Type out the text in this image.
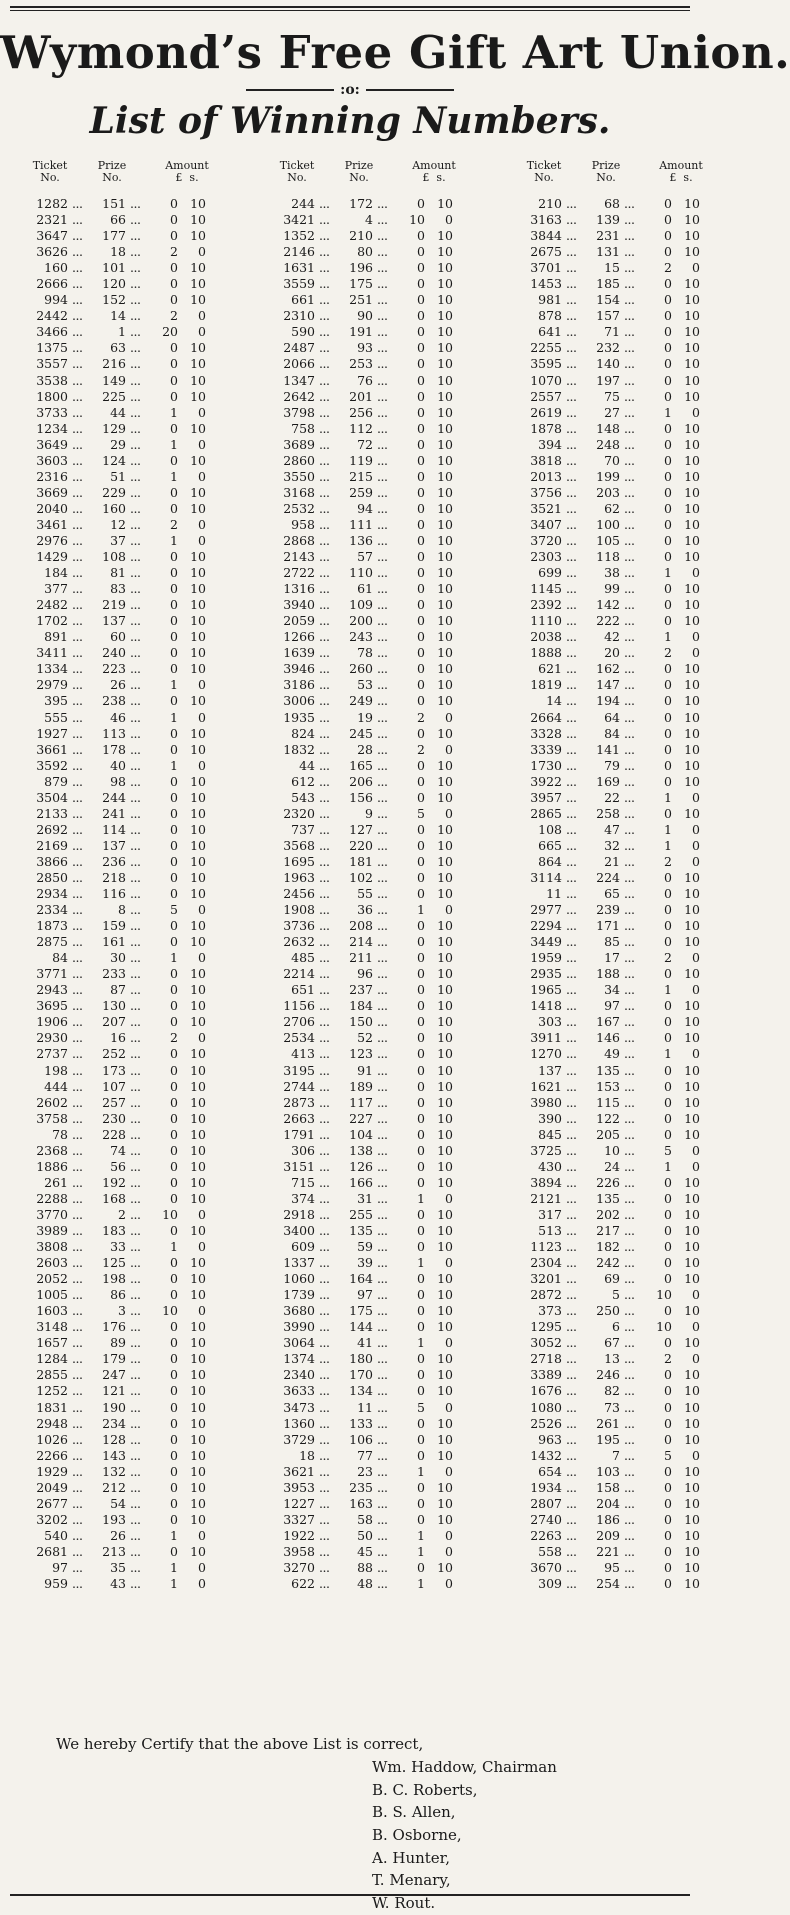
Wymond’s Free Gift Art Union.
:o:
List of Winning Numbers.
Ticket No.
Prize No.
Amount
£ s.
1282 ...	151 ...	0 10
2321 ...	66 ...	0 10
3647 ...	177 ...	0 10
3626 ...	18 ...	2	0
160 ...	101 ...	0 10
2666 ...	120 ...	0 10
994 ...	152 ...	0 10
2442 ...	14 ...	2	0
3466 ...	1 ...	20	0
1375 ...	63 ...	0 10
3557 ...	216 ...	0 10
3538 ...	149 ...	0 10
1800 ...	225 ...	0 10
3733 ...	44 ...	1	0
1234 ...	129 ...	0 10
3649 ...	29 ...	1	0
3603 ...	124 ...	0 10
2316 ...	51 ...	1	0
3669 ...	229 ...	0 10
2040 ...	160 ...	0 10
3461 ...	12 ...	2	0
2976 ...	37 ...	1	0
1429 ...	108 ...	0 10
184 ...	81 ...	0 10
377 ...	83 ...	0 10
2482 ...	219 ...	0 10
1702 ...	137 ...	0 10
891 ...	60 ...	0 10
3411 ...	240 ...	0 10
1334 ...	223 ...	0 10
2979 ...	26 ...	1	0
395 ...	238 ...	0 10
555 ...	46 ...	1	0
1927 ...	113 ...	0 10
3661 ...	178 ...	0 10
3592 ...	40 ...	1	0
879 ...	98 ...	0 10
3504 ...	244 ...	0 10
2133 ...	241 ...	0 10
2692 ...	114 ...	0 10
2169 ...	137 ...	0 10
3866 ...	236 ...	0 10
2850 ...	218 ...	0 10
2934 ...	116 ...	0 10
2334 ...	8 ...	5	0
1873 ...	159 ...	0 10
2875 ...	161 ...	0 10
84 ...	30 ...	1	0
3771 ...	233 ...	0 10
2943 ...	87 ...	0 10
3695 ...	130 ...	0 10
1906 ...	207 ...	0 10
2930 ...	16 ...	2	0
2737 ...	252 ...	0 10
198 ...	173 ...	0 10
444 ...	107 ...	0 10
2602 ...	257 ...	0 10
3758 ...	230 ...	0 10
78 ...	228 ...	0 10
2368 ...	74 ...	0 10
1886 ...	56 ...	0 10
261 ...	192 ...	0 10
2288 ...	168 ...	0 10
3770 ...	2 ...	10	0
3989 ...	183 ...	0 10
3808 ...	33 ...	1	0
2603 ...	125 ...	0 10
2052 ...	198 ...	0 10
1005 ...	86 ...	0 10
1603 ...	3 ...	10	0
3148 ...	176 ...	0 10
1657 ...	89 ...	0 10
1284 ...	179 ...	0 10
2855 ...	247 ...	0 10
1252 ...	121 ...	0 10
1831 ...	190 ...	0 10
2948 ...	234 ...	0 10
1026 ...	128 ...	0 10
2266 ...	143 ...	0 10
1929 ...	132 ...	0 10
2049 ...	212 ...	0 10
2677 ...	54 ...	0 10
3202 ...	193 ...	0 10
540 ...	26 ...	1	0
2681 ...	213 ...	0 10
97 ...	35 ...	1	0
959 ...	43 ...	1	0
Ticket No.
Prize No.
Amount
£ s.
244 ...	172 ...	0 10
3421 ...	4 ...	10	0
1352 ...	210 ...	0 10
2146 ...	80 ...	0 10
1631 ...	196 ...	0 10
3559 ...	175 ...	0 10
661 ...	251 ...	0 10
2310 ...	90 ...	0 10
590 ...	191 ...	0 10
2487 ...	93 ...	0 10
2066 ...	253 ...	0 10
1347 ...	76 ...	0 10
2642 ...	201 ...	0 10
3798 ...	256 ...	0 10
758 ...	112 ...	0 10
3689 ...	72 ...	0 10
2860 ...	119 ...	0 10
3550 ...	215 ...	0 10
3168 ...	259 ...	0 10
2532 ...	94 ...	0 10
958 ...	111 ...	0 10
2868 ...	136 ...	0 10
2143 ...	57 ...	0 10
2722 ...	110 ...	0 10
1316 ...	61 ...	0 10
3940 ...	109 ...	0 10
2059 ...	200 ...	0 10
1266 ...	243 ...	0 10
1639 ...	78 ...	0 10
3946 ...	260 ...	0 10
3186 ...	53 ...	0 10
3006 ...	249 ...	0 10
1935 ...	19 ...	2	0
824 ...	245 ...	0 10
1832 ...	28 ...	2	0
44 ...	165 ...	0 10
612 ...	206 ...	0 10
543 ...	156 ...	0 10
2320 ...	9 ...	5	0
737 ...	127 ...	0 10
3568 ...	220 ...	0 10
1695 ...	181 ...	0 10
1963 ...	102 ...	0 10
2456 ...	55 ...	0 10
1908 ...	36 ...	1	0
3736 ...	208 ...	0 10
2632 ...	214 ...	0 10
485 ...	211 ...	0 10
2214 ...	96 ...	0 10
651 ...	237 ...	0 10
1156 ...	184 ...	0 10
2706 ...	150 ...	0 10
2534 ...	52 ...	0 10
413 ...	123 ...	0 10
3195 ...	91 ...	0 10
2744 ...	189 ...	0 10
2873 ...	117 ...	0 10
2663 ...	227 ...	0 10
1791 ...	104 ...	0 10
306 ...	138 ...	0 10
3151 ...	126 ...	0 10
715 ...	166 ...	0 10
374 ...	31 ...	1	0
2918 ...	255 ...	0 10
3400 ...	135 ...	0 10
609 ...	59 ...	0 10
1337 ...	39 ...	1	0
1060 ...	164 ...	0 10
1739 ...	97 ...	0 10
3680 ...	175 ...	0 10
3990 ...	144 ...	0 10
3064 ...	41 ...	1	0
1374 ...	180 ...	0 10
2340 ...	170 ...	0 10
3633 ...	134 ...	0 10
3473 ...	11 ...	5	0
1360 ...	133 ...	0 10
3729 ...	106 ...	0 10
18 ...	77 ...	0 10
3621 ...	23 ...	1	0
3953 ...	235 ...	0 10
1227 ...	163 ...	0 10
3327 ...	58 ...	0 10
1922 ...	50 ...	1	0
3958 ...	45 ...	1	0
3270 ...	88 ...	0 10
622 ...	48 ...	1	0
Ticket No.
Prize No.
Amount
£ s.
210 ...	68 ...	0 10
3163 ...	139 ...	0 10
3844 ...	231 ...	0 10
2675 ...	131 ...	0 10
3701 ...	15 ...	2	0
1453 ...	185 ...	0 10
981 ...	154 ...	0 10
878 ...	157 ...	0 10
641 ...	71 ...	0 10
2255 ...	232 ...	0 10
3595 ...	140 ...	0 10
1070 ...	197 ...	0 10
2557 ...	75 ...	0 10
2619 ...	27 ...	1	0
1878 ...	148 ...	0 10
394 ...	248 ...	0 10
3818 ...	70 ...	0 10
2013 ...	199 ...	0 10
3756 ...	203 ...	0 10
3521 ...	62 ...	0 10
3407 ...	100 ...	0 10
3720 ...	105 ...	0 10
2303 ...	118 ...	0 10
699 ...	38 ...	1	0
1145 ...	99 ...	0 10
2392 ...	142 ...	0 10
1110 ...	222 ...	0 10
2038 ...	42 ...	1	0
1888 ...	20 ...	2	0
621 ...	162 ...	0 10
1819 ...	147 ...	0 10
14 ...	194 ...	0 10
2664 ...	64 ...	0 10
3328 ...	84 ...	0 10
3339 ...	141 ...	0 10
1730 ...	79 ...	0 10
3922 ...	169 ...	0 10
3957 ...	22 ...	1	0
2865 ...	258 ...	0 10
108 ...	47 ...	1	0
665 ...	32 ...	1	0
864 ...	21 ...	2	0
3114 ...	224 ...	0 10
11 ...	65 ...	0 10
2977 ...	239 ...	0 10
2294 ...	171 ...	0 10
3449 ...	85 ...	0 10
1959 ...	17 ...	2	0
2935 ...	188 ...	0 10
1965 ...	34 ...	1	0
1418 ...	97 ...	0 10
303 ...	167 ...	0 10
3911 ...	146 ...	0 10
1270 ...	49 ...	1	0
137 ...	135 ...	0 10
1621 ...	153 ...	0 10
3980 ...	115 ...	0 10
390 ...	122 ...	0 10
845 ...	205 ...	0 10
3725 ...	10 ...	5	0
430 ...	24 ...	1	0
3894 ...	226 ...	0 10
2121 ...	135 ...	0 10
317 ...	202 ...	0 10
513 ...	217 ...	0 10
1123 ...	182 ...	0 10
2304 ...	242 ...	0 10
3201 ...	69 ...	0 10
2872 ...	5 ...	10	0
373 ...	250 ...	0 10
1295 ...	6 ...	10	0
3052 ...	67 ...	0 10
2718 ...	13 ...	2	0
3389 ...	246 ...	0 10
1676 ...	82 ...	0 10
1080 ...	73 ...	0 10
2526 ...	261 ...	0 10
963 ...	195 ...	0 10
1432 ...	7 ...	5	0
654 ...	103 ...	0 10
1934 ...	158 ...	0 10
2807 ...	204 ...	0 10
2740 ...	186 ...	0 10
2263 ...	209 ...	0 10
558 ...	221 ...	0 10
3670 ...	95 ...	0 10
309 ...	254 ...	0 10
We hereby Certify that the above List is correct,
Wm. Haddow, Chairman
B. C. Roberts,
B. S. Allen,
B. Osborne,
A. Hunter,
T. Menary,
W. Rout.
